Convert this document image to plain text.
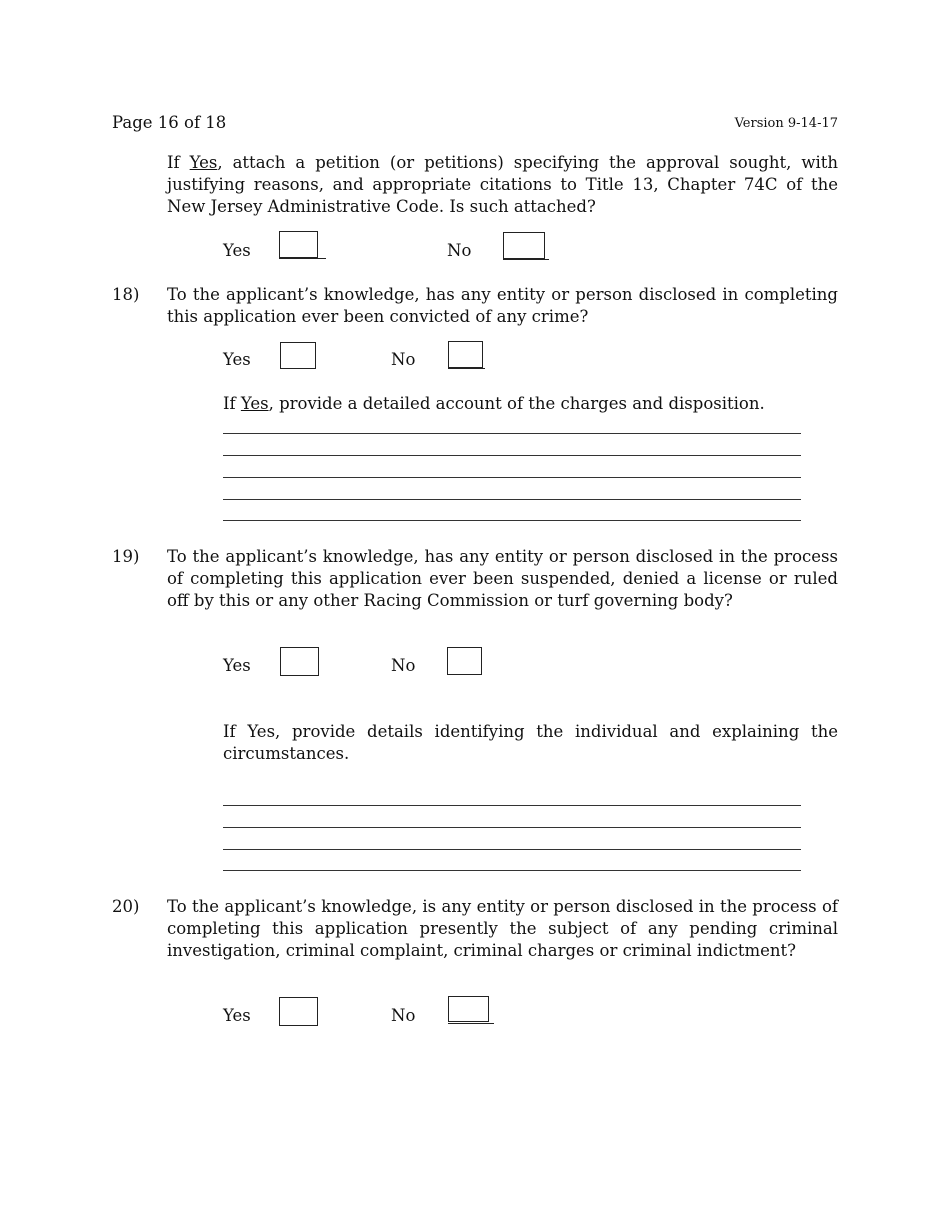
Page 16 of 18	Version 9-14-17
If Yes, attach a petition (or petitions) specifying the approval sought, with justifying reasons, and appropriate citations to Title 13, Chapter 74C of the New Jersey Administrative Code. Is such attached?
Yes	No
18) To the applicant’s knowledge, has any entity or person disclosed in completing this application ever been convicted of any crime?
Yes	No
If Yes, provide a detailed account of the charges and disposition.
19) To the applicant’s knowledge, has any entity or person disclosed in the process of completing this application ever been suspended, denied a license or ruled off by this or any other Racing Commission or turf governing body?
Yes	No
If Yes, provide details identifying the individual and explaining the circumstances.
20) To the applicant’s knowledge, is any entity or person disclosed in the process of completing this application presently the subject of any pending criminal investigation, criminal complaint, criminal charges or criminal indictment?
Yes	No
